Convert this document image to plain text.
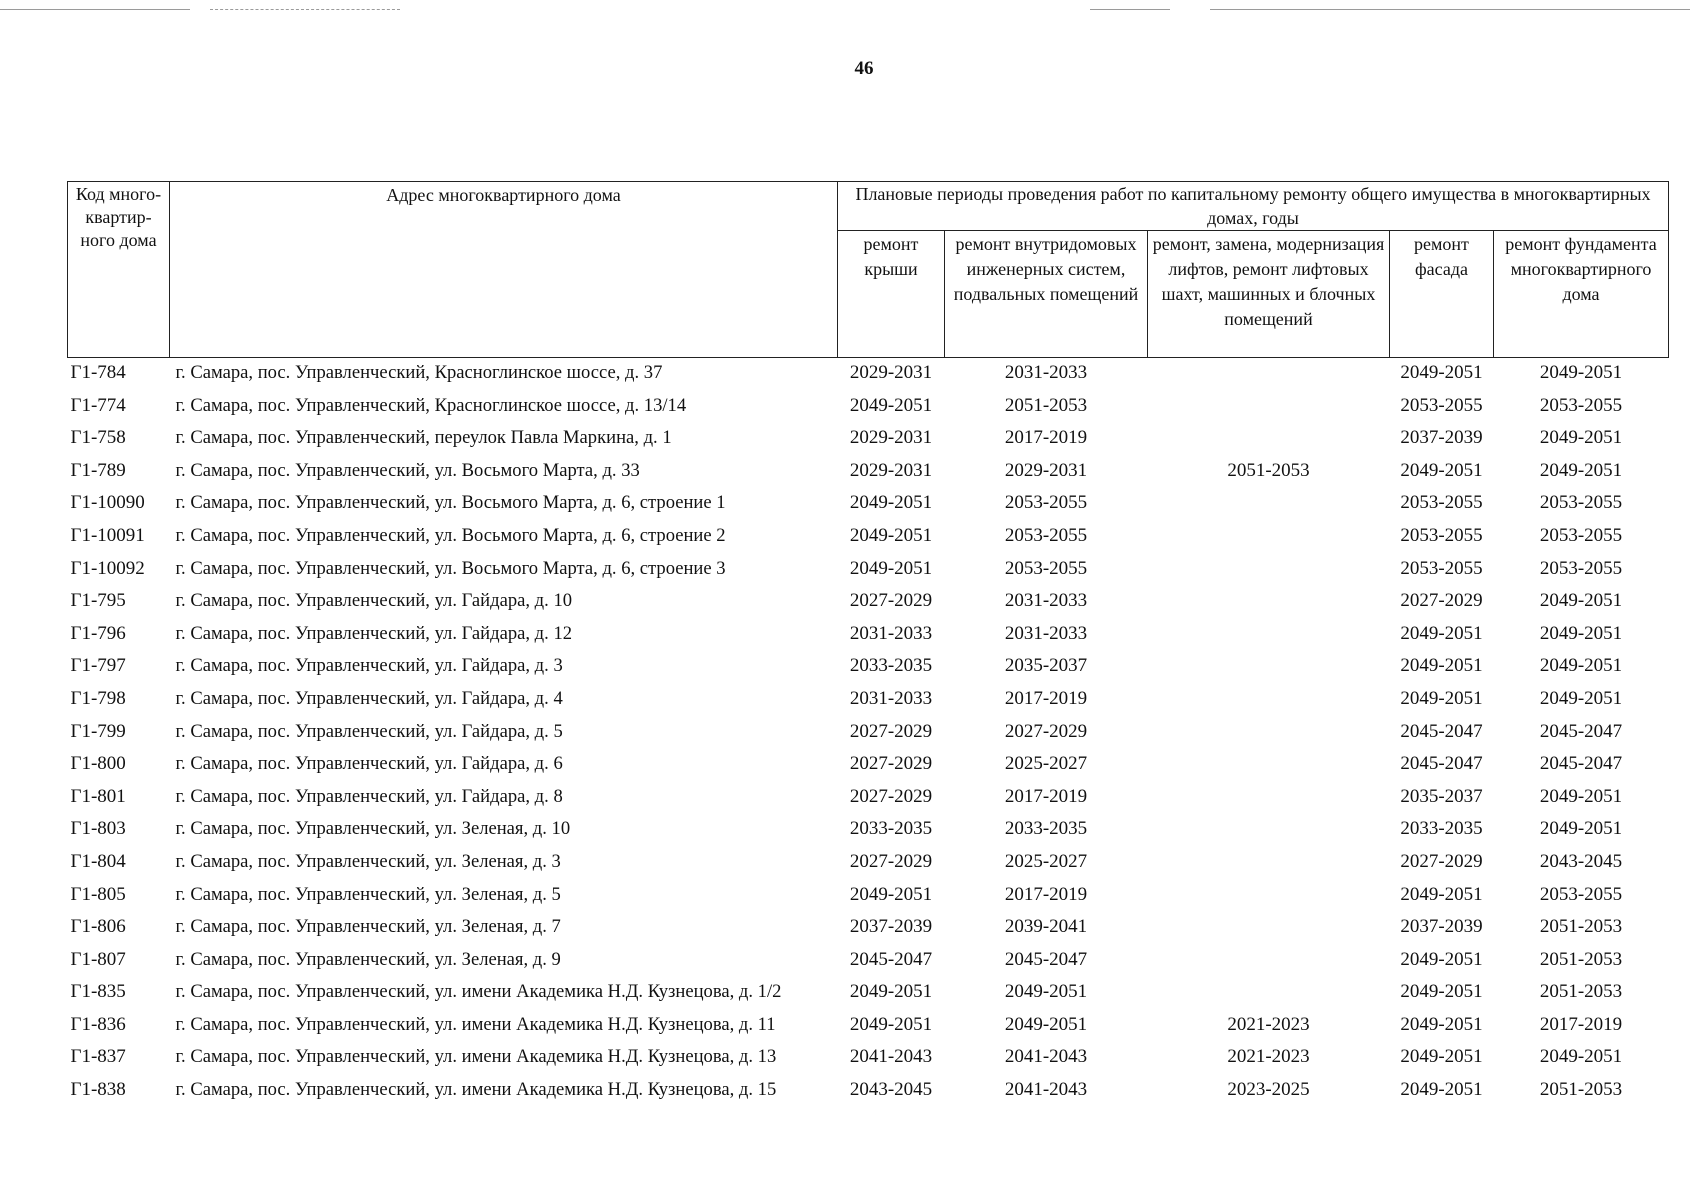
46
Код много-квартир-ного дома	Адрес многоквартирного дома	Плановые периоды проведения работ по капитальному ремонту общего имущества в многоквартирных домах, годы				
		ремонт крыши	ремонт внутридомовых инженерных систем, подвальных помещений	ремонт, замена, модернизация лифтов, ремонт лифтовых шахт, машинных и блочных помещений	ремонт фасада	ремонт фундамента многоквартирного дома
Г1-784	г. Самара, пос. Управленческий, Красноглинское шоссе, д. 37	2029-2031	2031-2033		2049-2051	2049-2051
Г1-774	г. Самара, пос. Управленческий, Красноглинское шоссе, д. 13/14	2049-2051	2051-2053		2053-2055	2053-2055
Г1-758	г. Самара, пос. Управленческий, переулок Павла Маркина, д. 1	2029-2031	2017-2019		2037-2039	2049-2051
Г1-789	г. Самара, пос. Управленческий, ул. Восьмого Марта, д. 33	2029-2031	2029-2031	2051-2053	2049-2051	2049-2051
Г1-10090	г. Самара, пос. Управленческий, ул. Восьмого Марта, д. 6, строение 1	2049-2051	2053-2055		2053-2055	2053-2055
Г1-10091	г. Самара, пос. Управленческий, ул. Восьмого Марта, д. 6, строение 2	2049-2051	2053-2055		2053-2055	2053-2055
Г1-10092	г. Самара, пос. Управленческий, ул. Восьмого Марта, д. 6, строение 3	2049-2051	2053-2055		2053-2055	2053-2055
Г1-795	г. Самара, пос. Управленческий, ул. Гайдара, д. 10	2027-2029	2031-2033		2027-2029	2049-2051
Г1-796	г. Самара, пос. Управленческий, ул. Гайдара, д. 12	2031-2033	2031-2033		2049-2051	2049-2051
Г1-797	г. Самара, пос. Управленческий, ул. Гайдара, д. 3	2033-2035	2035-2037		2049-2051	2049-2051
Г1-798	г. Самара, пос. Управленческий, ул. Гайдара, д. 4	2031-2033	2017-2019		2049-2051	2049-2051
Г1-799	г. Самара, пос. Управленческий, ул. Гайдара, д. 5	2027-2029	2027-2029		2045-2047	2045-2047
Г1-800	г. Самара, пос. Управленческий, ул. Гайдара, д. 6	2027-2029	2025-2027		2045-2047	2045-2047
Г1-801	г. Самара, пос. Управленческий, ул. Гайдара, д. 8	2027-2029	2017-2019		2035-2037	2049-2051
Г1-803	г. Самара, пос. Управленческий, ул. Зеленая, д. 10	2033-2035	2033-2035		2033-2035	2049-2051
Г1-804	г. Самара, пос. Управленческий, ул. Зеленая, д. 3	2027-2029	2025-2027		2027-2029	2043-2045
Г1-805	г. Самара, пос. Управленческий, ул. Зеленая, д. 5	2049-2051	2017-2019		2049-2051	2053-2055
Г1-806	г. Самара, пос. Управленческий, ул. Зеленая, д. 7	2037-2039	2039-2041		2037-2039	2051-2053
Г1-807	г. Самара, пос. Управленческий, ул. Зеленая, д. 9	2045-2047	2045-2047		2049-2051	2051-2053
Г1-835	г. Самара, пос. Управленческий, ул. имени Академика Н.Д. Кузнецова, д. 1/2	2049-2051	2049-2051		2049-2051	2051-2053
Г1-836	г. Самара, пос. Управленческий, ул. имени Академика Н.Д. Кузнецова, д. 11	2049-2051	2049-2051	2021-2023	2049-2051	2017-2019
Г1-837	г. Самара, пос. Управленческий, ул. имени Академика Н.Д. Кузнецова, д. 13	2041-2043	2041-2043	2021-2023	2049-2051	2049-2051
Г1-838	г. Самара, пос. Управленческий, ул. имени Академика Н.Д. Кузнецова, д. 15	2043-2045	2041-2043	2023-2025	2049-2051	2051-2053
